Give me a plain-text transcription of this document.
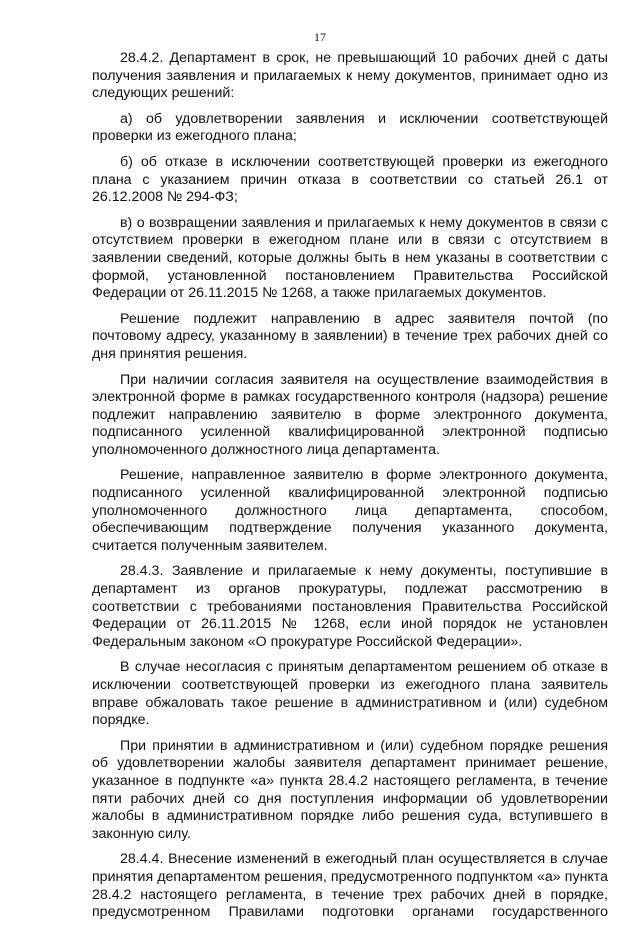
17

28.4.2. Департамент в срок, не превышающий 10 рабочих дней с даты получения заявления и прилагаемых к нему документов, принимает одно из следующих решений:

а) об удовлетворении заявления и исключении соответствующей проверки из ежегодного плана;

б) об отказе в исключении соответствующей проверки из ежегодного плана с указанием причин отказа в соответствии со статьей 26.1 от 26.12.2008 № 294-ФЗ;

в) о возвращении заявления и прилагаемых к нему документов в связи с отсутствием проверки в ежегодном плане или в связи с отсутствием в заявлении сведений, которые должны быть в нем указаны в соответствии с формой, установленной постановлением Правительства Российской Федерации от 26.11.2015 № 1268, а также прилагаемых документов.

Решение подлежит направлению в адрес заявителя почтой (по почтовому адресу, указанному в заявлении) в течение трех рабочих дней со дня принятия решения.

При наличии согласия заявителя на осуществление взаимодействия в электронной форме в рамках государственного контроля (надзора) решение подлежит направлению заявителю в форме электронного документа, подписанного усиленной квалифицированной электронной подписью уполномоченного должностного лица департамента.

Решение, направленное заявителю в форме электронного документа, подписанного усиленной квалифицированной электронной подписью уполномоченного должностного лица департамента, способом, обеспечивающим подтверждение получения указанного документа, считается полученным заявителем.

28.4.3. Заявление и прилагаемые к нему документы, поступившие в департамент из органов прокуратуры, подлежат рассмотрению в соответствии с требованиями постановления Правительства Российской Федерации от 26.11.2015 № 1268, если иной порядок не установлен Федеральным законом «О прокуратуре Российской Федерации».

В случае несогласия с принятым департаментом решением об отказе в исключении соответствующей проверки из ежегодного плана заявитель вправе обжаловать такое решение в административном и (или) судебном порядке.

При принятии в административном и (или) судебном порядке решения об удовлетворении жалобы заявителя департамент принимает решение, указанное в подпункте «а» пункта 28.4.2 настоящего регламента, в течение пяти рабочих дней со дня поступления информации об удовлетворении жалобы в административном порядке либо решения суда, вступившего в законную силу.

28.4.4. Внесение изменений в ежегодный план осуществляется в случае принятия департаментом решения, предусмотренного подпунктом «а» пункта 28.4.2 настоящего регламента, в течение трех рабочих дней в порядке, предусмотренном Правилами подготовки органами государственного
